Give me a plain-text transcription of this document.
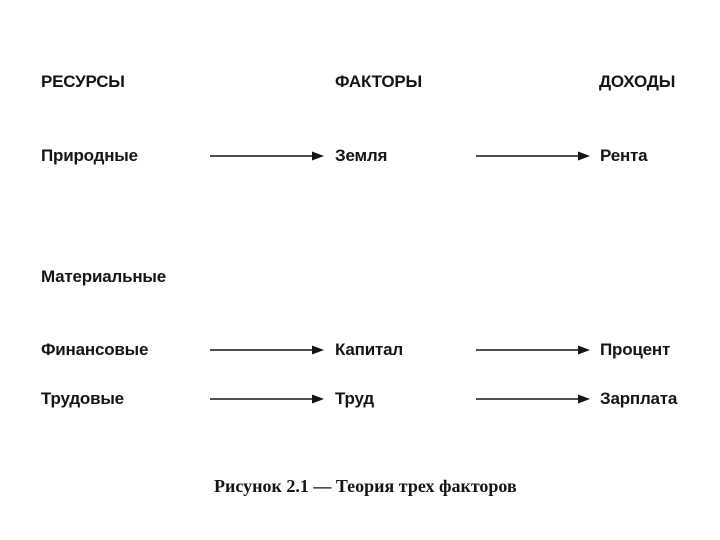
РЕСУРСЫ	ФАКТОРЫ	ДОХОДЫ
Природные	Земля	Рента
Материальные
Финансовые	Капитал	Процент
Трудовые	Труд	Зарплата
Рисунок 2.1 — Теория трех факторов
